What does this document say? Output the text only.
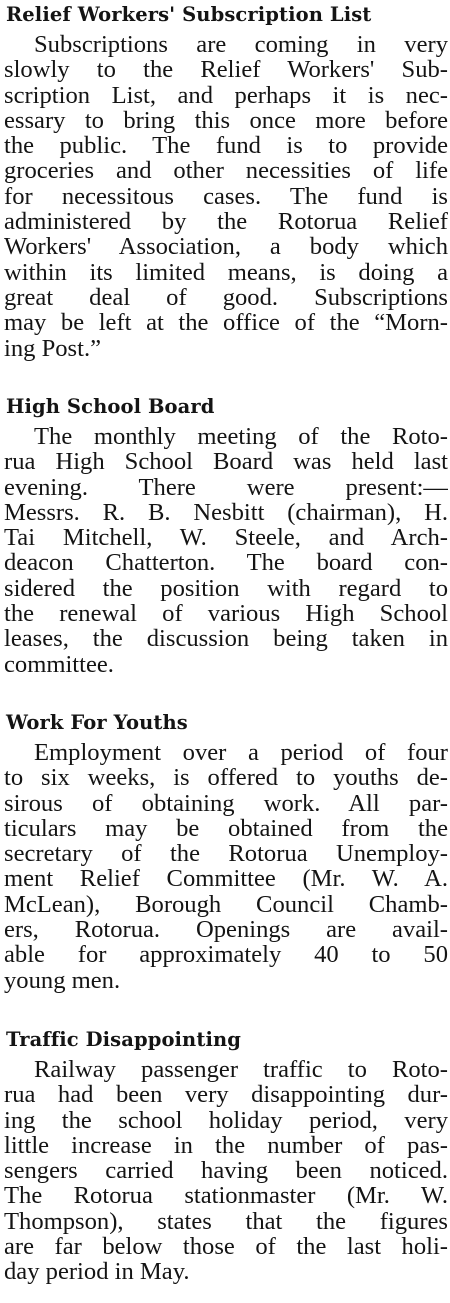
Relief Workers' Subscription List
Subscriptions are coming in very
slowly to the Relief Workers' Sub-
scription List, and perhaps it is nec-
essary to bring this once more before
the public. The fund is to provide
groceries and other necessities of life
for necessitous cases. The fund is
administered by the Rotorua Relief
Workers' Association, a body which
within its limited means, is doing a
great deal of good. Subscriptions
may be left at the office of the “Morn-
ing Post.”
High School Board
The monthly meeting of the Roto-
rua High School Board was held last
evening. There were present:—
Messrs. R. B. Nesbitt (chairman), H.
Tai Mitchell, W. Steele, and Arch-
deacon Chatterton. The board con-
sidered the position with regard to
the renewal of various High School
leases, the discussion being taken in
committee.
Work For Youths
Employment over a period of four
to six weeks, is offered to youths de-
sirous of obtaining work. All par-
ticulars may be obtained from the
secretary of the Rotorua Unemploy-
ment Relief Committee (Mr. W. A.
McLean), Borough Council Chamb-
ers, Rotorua. Openings are avail-
able for approximately 40 to 50
young men.
Traffic Disappointing
Railway passenger traffic to Roto-
rua had been very disappointing dur-
ing the school holiday period, very
little increase in the number of pas-
sengers carried having been noticed.
The Rotorua stationmaster (Mr. W.
Thompson), states that the figures
are far below those of the last holi-
day period in May.
